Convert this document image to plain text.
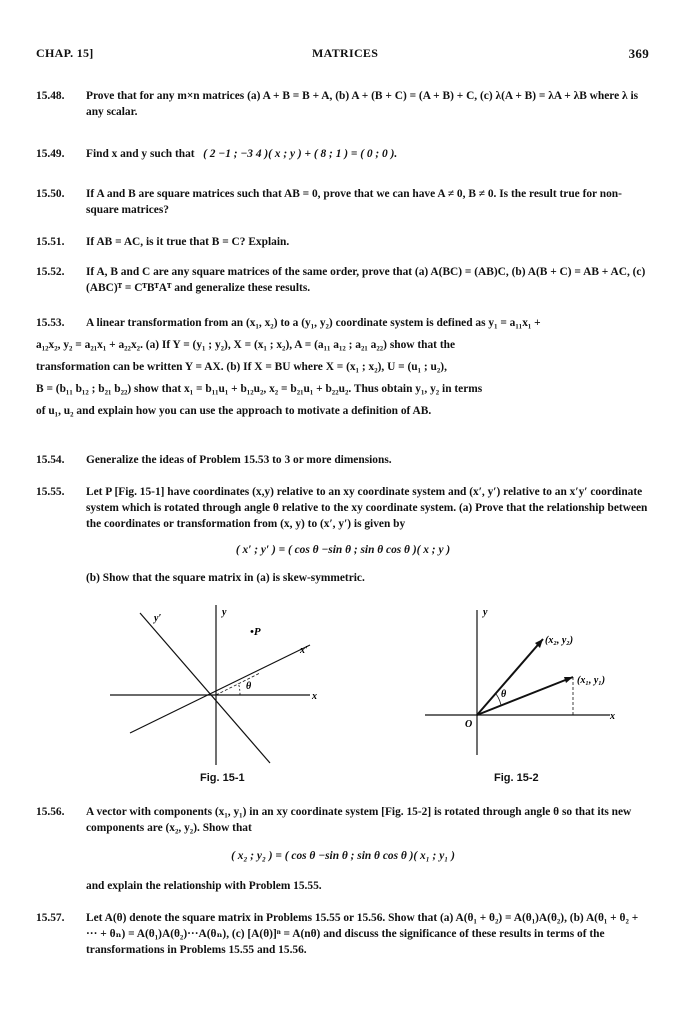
CHAP. 15]	MATRICES	369
15.48.	Prove that for any m×n matrices (a) A + B = B + A, (b) A + (B + C) = (A + B) + C, (c) λ(A + B) = λA + λB where λ is any scalar.
15.49.	Find x and y such that ( 2 −1 ; −3 4 )( x ; y ) + ( 8 ; 1 ) = ( 0 ; 0 ).
15.50.	If A and B are square matrices such that AB = 0, prove that we can have A ≠ 0, B ≠ 0. Is the result true for non-square matrices?
15.51.	If AB = AC, is it true that B = C? Explain.
15.52.	If A, B and C are any square matrices of the same order, prove that (a) A(BC) = (AB)C, (b) A(B + C) = AB + AC, (c) (ABC)ᵀ = CᵀBᵀAᵀ and generalize these results.
15.53.	A linear transformation from an (x₁, x₂) to a (y₁, y₂) coordinate system is defined as y₁ = a₁₁x₁ +
a₁₂x₂, y₂ = a₂₁x₁ + a₂₂x₂. (a) If Y = (y₁ ; y₂), X = (x₁ ; x₂), A = (a₁₁ a₁₂ ; a₂₁ a₂₂) show that the
transformation can be written Y = AX. (b) If X = BU where X = (x₁ ; x₂), U = (u₁ ; u₂),
B = (b₁₁ b₁₂ ; b₂₁ b₂₂) show that x₁ = b₁₁u₁ + b₁₂u₂, x₂ = b₂₁u₁ + b₂₂u₂. Thus obtain y₁, y₂ in terms
of u₁, u₂ and explain how you can use the approach to motivate a definition of AB.
15.54.	Generalize the ideas of Problem 15.53 to 3 or more dimensions.
15.55.	Let P [Fig. 15-1] have coordinates (x,y) relative to an xy coordinate system and (x′, y′) relative to an x′y′ coordinate system which is rotated through angle θ relative to the xy coordinate system. (a) Prove that the relationship between the coordinates or transformation from (x, y) to (x′, y′) is given by
( x′ ; y′ ) = ( cos θ −sin θ ; sin θ cos θ )( x ; y )
(b) Show that the square matrix in (a) is skew-symmetric.
y
y′
x
x′
•P
θ
Fig. 15-1
y
x
O
(x₂, y₂)
(x₁, y₁)
θ
Fig. 15-2
15.56.	A vector with components (x₁, y₁) in an xy coordinate system [Fig. 15-2] is rotated through angle θ so that its new components are (x₂, y₂). Show that
( x₂ ; y₂ ) = ( cos θ −sin θ ; sin θ cos θ )( x₁ ; y₁ )
and explain the relationship with Problem 15.55.
15.57.	Let A(θ) denote the square matrix in Problems 15.55 or 15.56. Show that (a) A(θ₁ + θ₂) = A(θ₁)A(θ₂), (b) A(θ₁ + θ₂ + ··· + θₙ) = A(θ₁)A(θ₂)···A(θₙ), (c) [A(θ)]ⁿ = A(nθ) and discuss the significance of these results in terms of the transformations in Problems 15.55 and 15.56.
